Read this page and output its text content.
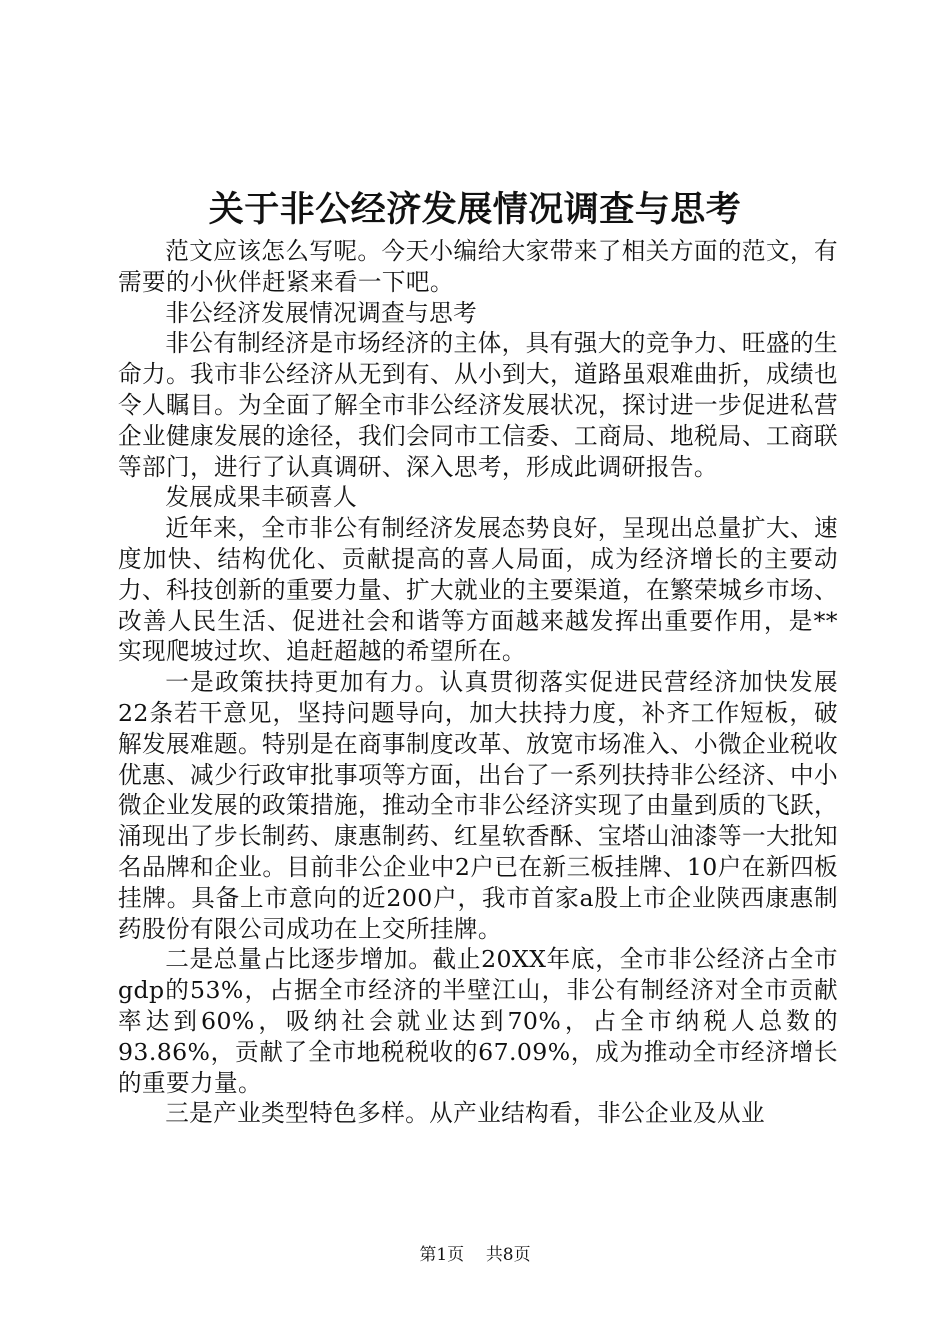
关于非公经济发展情况调查与思考

范文应该怎么写呢。今天小编给大家带来了相关方面的范文，有需要的小伙伴赶紧来看一下吧。

非公经济发展情况调查与思考

非公有制经济是市场经济的主体，具有强大的竞争力、旺盛的生命力。我市非公经济从无到有、从小到大，道路虽艰难曲折，成绩也令人瞩目。为全面了解全市非公经济发展状况，探讨进一步促进私营企业健康发展的途径，我们会同市工信委、工商局、地税局、工商联等部门，进行了认真调研、深入思考，形成此调研报告。

发展成果丰硕喜人

近年来，全市非公有制经济发展态势良好，呈现出总量扩大、速度加快、结构优化、贡献提高的喜人局面，成为经济增长的主要动力、科技创新的重要力量、扩大就业的主要渠道，在繁荣城乡市场、改善人民生活、促进社会和谐等方面越来越发挥出重要作用，是**实现爬坡过坎、追赶超越的希望所在。

一是政策扶持更加有力。认真贯彻落实促进民营经济加快发展22条若干意见，坚持问题导向，加大扶持力度，补齐工作短板，破解发展难题。特别是在商事制度改革、放宽市场准入、小微企业税收优惠、减少行政审批事项等方面，出台了一系列扶持非公经济、中小微企业发展的政策措施，推动全市非公经济实现了由量到质的飞跃，涌现出了步长制药、康惠制药、红星软香酥、宝塔山油漆等一大批知名品牌和企业。目前非公企业中2户已在新三板挂牌、10户在新四板挂牌。具备上市意向的近200户，我市首家a股上市企业陕西康惠制药股份有限公司成功在上交所挂牌。

二是总量占比逐步增加。截止20XX年底，全市非公经济占全市gdp的53%，占据全市经济的半壁江山，非公有制经济对全市贡献率达到60%，吸纳社会就业达到70%，占全市纳税人总数的93.86%，贡献了全市地税税收的67.09%，成为推动全市经济增长的重要力量。

三是产业类型特色多样。从产业结构看，非公企业及从业

第1页 共8页
